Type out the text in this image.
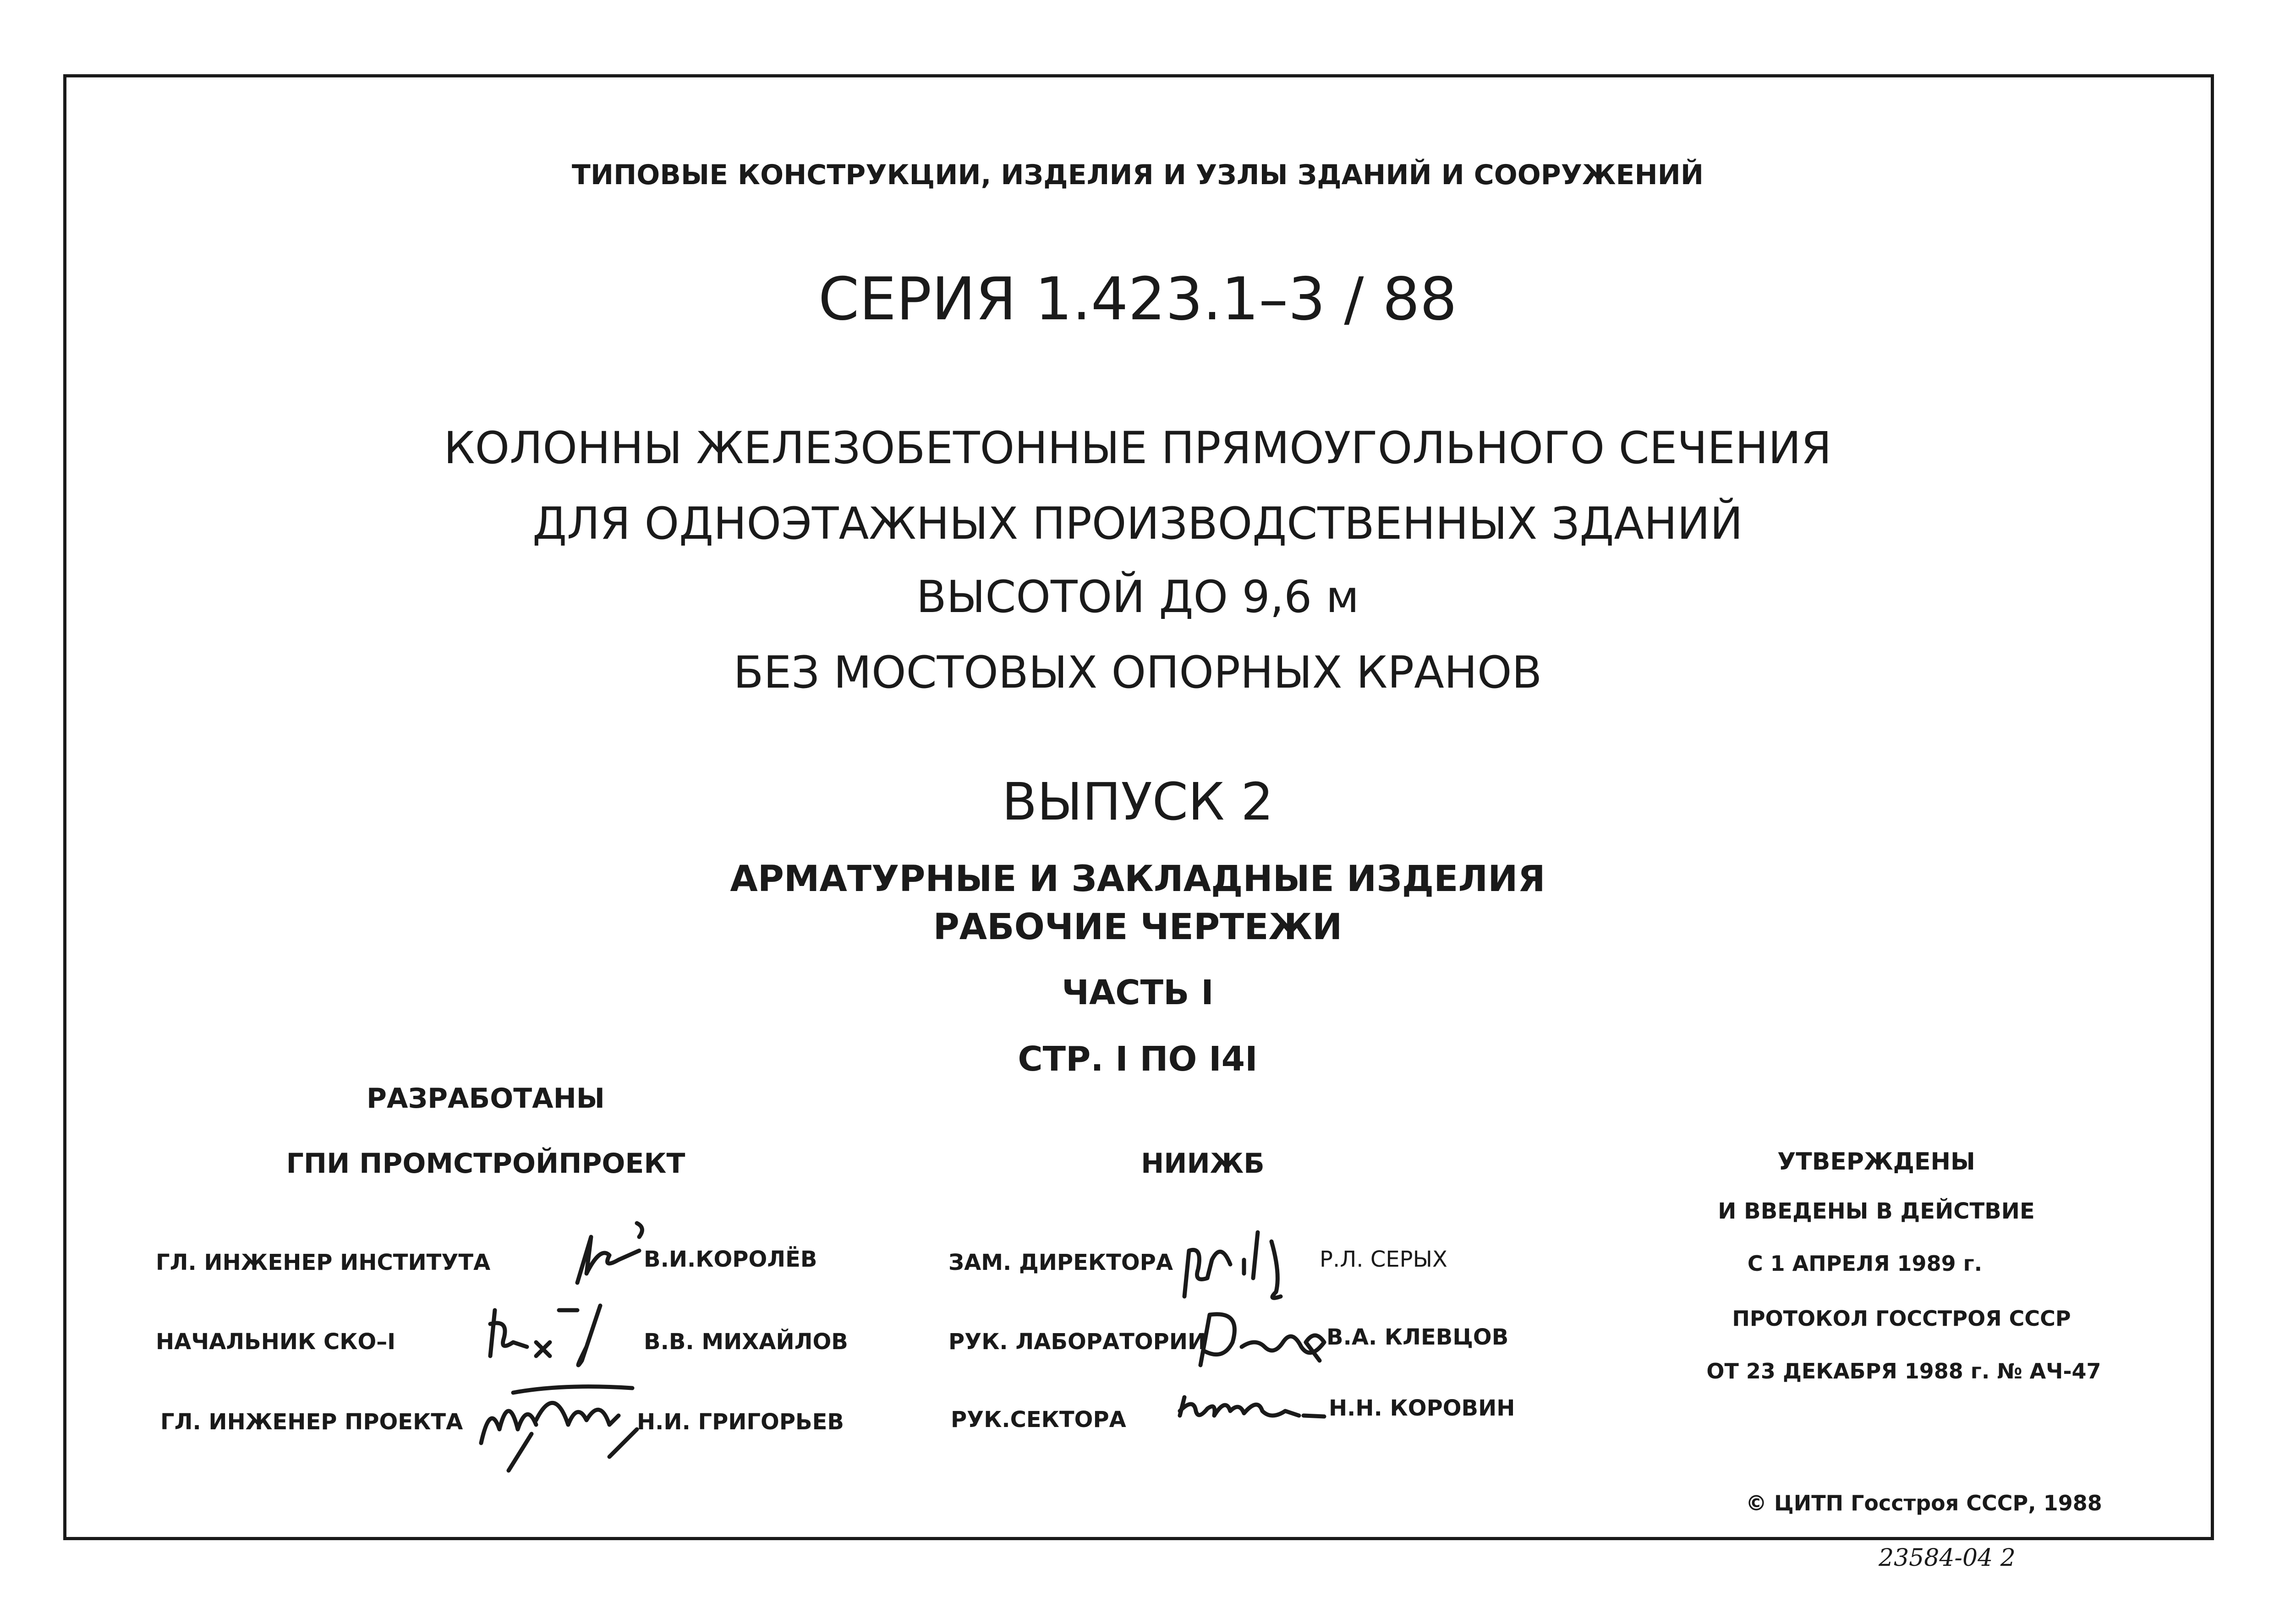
ТИПОВЫЕ КОНСТРУКЦИИ, ИЗДЕЛИЯ И УЗЛЫ ЗДАНИЙ И СООРУЖЕНИЙ
СЕРИЯ 1.423.1–3 / 88
КОЛОННЫ ЖЕЛЕЗОБЕТОННЫЕ ПРЯМОУГОЛЬНОГО СЕЧЕНИЯ
ДЛЯ ОДНОЭТАЖНЫХ ПРОИЗВОДСТВЕННЫХ ЗДАНИЙ
ВЫСОТОЙ ДО 9,6 м
БЕЗ МОСТОВЫХ ОПОРНЫХ КРАНОВ
ВЫПУСК 2
АРМАТУРНЫЕ И ЗАКЛАДНЫЕ ИЗДЕЛИЯ
РАБОЧИЕ ЧЕРТЕЖИ
ЧАСТЬ I
СТР. I ПО I4I
РАЗРАБОТАНЫ
ГПИ ПРОМСТРОЙПРОЕКТ	НИИЖБ
ГЛ. ИНЖЕНЕР ИНСТИТУТА	В.И.КОРОЛЁВ
НАЧАЛЬНИК СКО–I	В.В. МИХАЙЛОВ
ГЛ. ИНЖЕНЕР ПРОЕКТА	Н.И. ГРИГОРЬЕВ
ЗАМ. ДИРЕКТОРА	Р.Л. СЕРЫХ
РУК. ЛАБОРАТОРИИ	В.А. КЛЕВЦОВ
РУК.СЕКТОРА	Н.Н. КОРОВИН
УТВЕРЖДЕНЫ
И ВВЕДЕНЫ В ДЕЙСТВИЕ
С 1 АПРЕЛЯ 1989 г.
ПРОТОКОЛ ГОССТРОЯ СССР
ОТ 23 ДЕКАБРЯ 1988 г. № АЧ-47
© ЦИТП Госстроя СССР, 1988
23584-04 2
